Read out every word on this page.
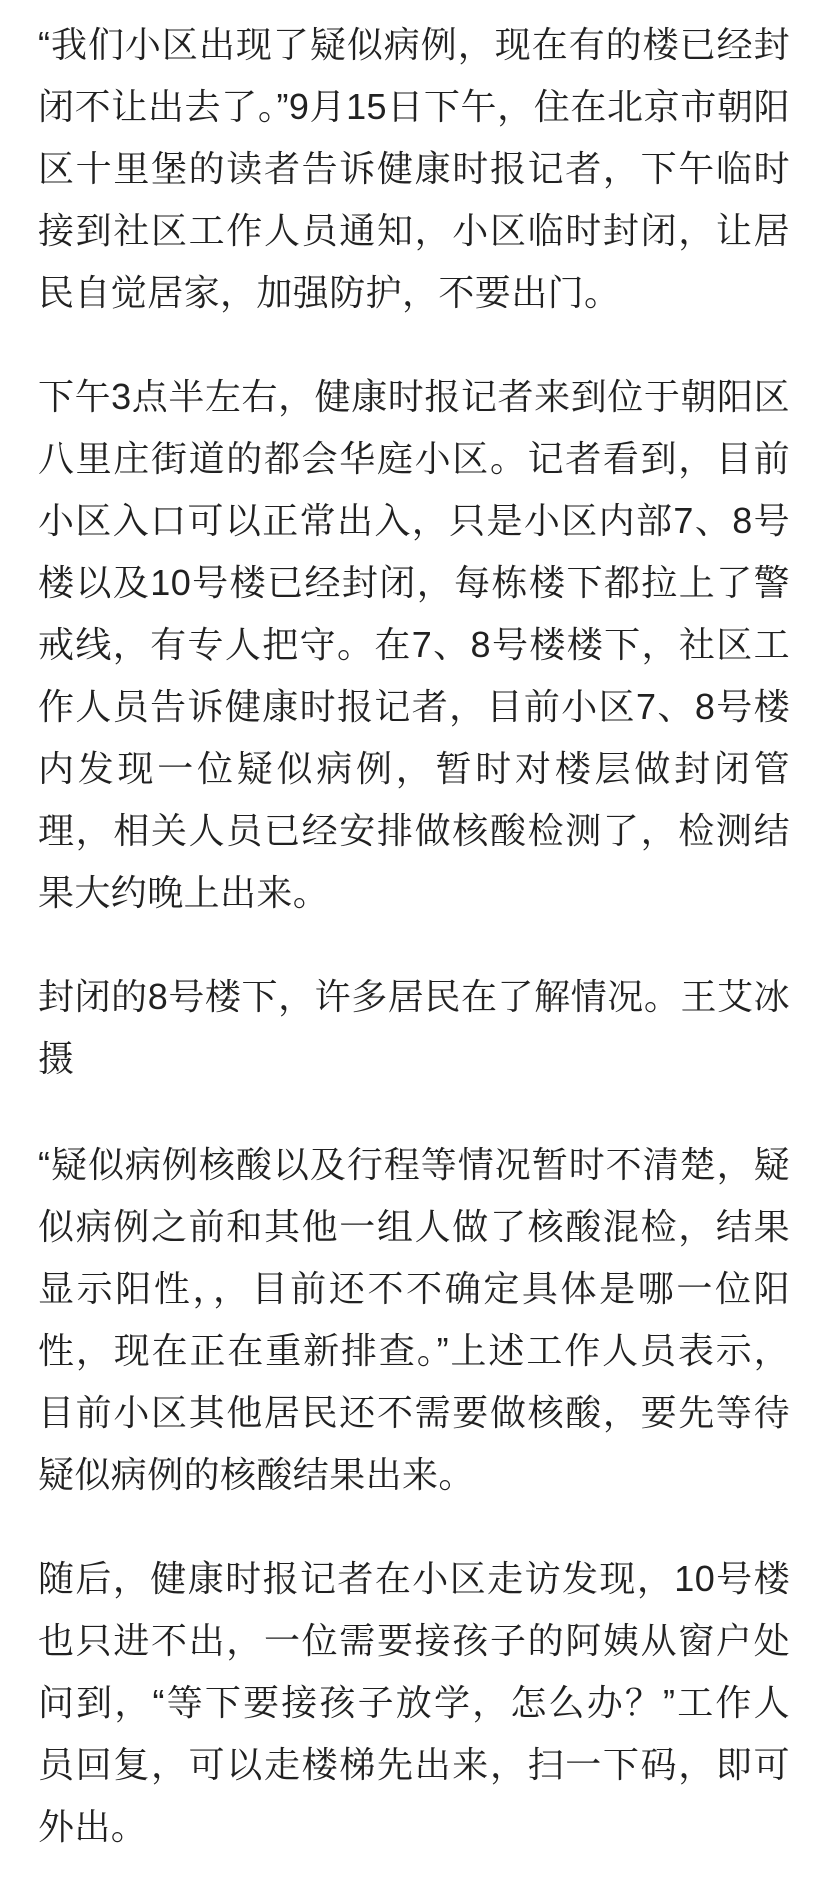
“我们小区出现了疑似病例，现在有的楼已经封闭不让出去了。”9月15日下午，住在北京市朝阳区十里堡的读者告诉健康时报记者，下午临时接到社区工作人员通知，小区临时封闭，让居民自觉居家，加强防护，不要出门。

下午3点半左右，健康时报记者来到位于朝阳区八里庄街道的都会华庭小区。记者看到，目前小区入口可以正常出入，只是小区内部7、8号楼以及10号楼已经封闭，每栋楼下都拉上了警戒线，有专人把守。在7、8号楼楼下，社区工作人员告诉健康时报记者，目前小区7、8号楼内发现一位疑似病例，暂时对楼层做封闭管理，相关人员已经安排做核酸检测了，检测结果大约晚上出来。

封闭的8号楼下，许多居民在了解情况。王艾冰摄

“疑似病例核酸以及行程等情况暂时不清楚，疑似病例之前和其他一组人做了核酸混检，结果显示阳性，，目前还不不确定具体是哪一位阳性，现在正在重新排查。”上述工作人员表示，目前小区其他居民还不需要做核酸，要先等待疑似病例的核酸结果出来。

随后，健康时报记者在小区走访发现，10号楼也只进不出，一位需要接孩子的阿姨从窗户处问到，“等下要接孩子放学，怎么办？”工作人员回复，可以走楼梯先出来，扫一下码，即可外出。
